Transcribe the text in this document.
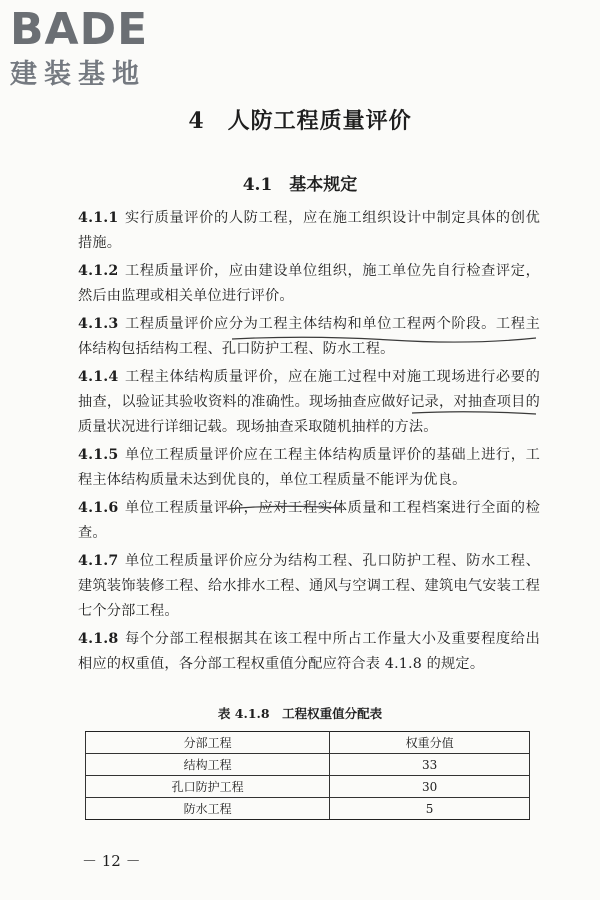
BADE
建装基地
4　人防工程质量评价
4.1　基本规定

4.1.1 实行质量评价的人防工程，应在施工组织设计中制定具体的创优措施。

4.1.2 工程质量评价，应由建设单位组织，施工单位先自行检查评定，然后由监理或相关单位进行评价。

4.1.3 工程质量评价应分为工程主体结构和单位工程两个阶段。工程主体结构包括结构工程、孔口防护工程、防水工程。

4.1.4 工程主体结构质量评价，应在施工过程中对施工现场进行必要的抽查，以验证其验收资料的准确性。现场抽查应做好记录，对抽查项目的质量状况进行详细记载。现场抽查采取随机抽样的方法。

4.1.5 单位工程质量评价应在工程主体结构质量评价的基础上进行，工程主体结构质量未达到优良的，单位工程质量不能评为优良。

4.1.6 单位工程质量评价，应对工程实体质量和工程档案进行全面的检查。

4.1.7 单位工程质量评价应分为结构工程、孔口防护工程、防水工程、建筑装饰装修工程、给水排水工程、通风与空调工程、建筑电气安装工程七个分部工程。

4.1.8 每个分部工程根据其在该工程中所占工作量大小及重要程度给出相应的权重值，各分部工程权重值分配应符合表 4.1.8 的规定。

表 4.1.8　工程权重值分配表
分部工程	权重分值
结构工程	33
孔口防护工程	30
防水工程	5
－ 12 －
